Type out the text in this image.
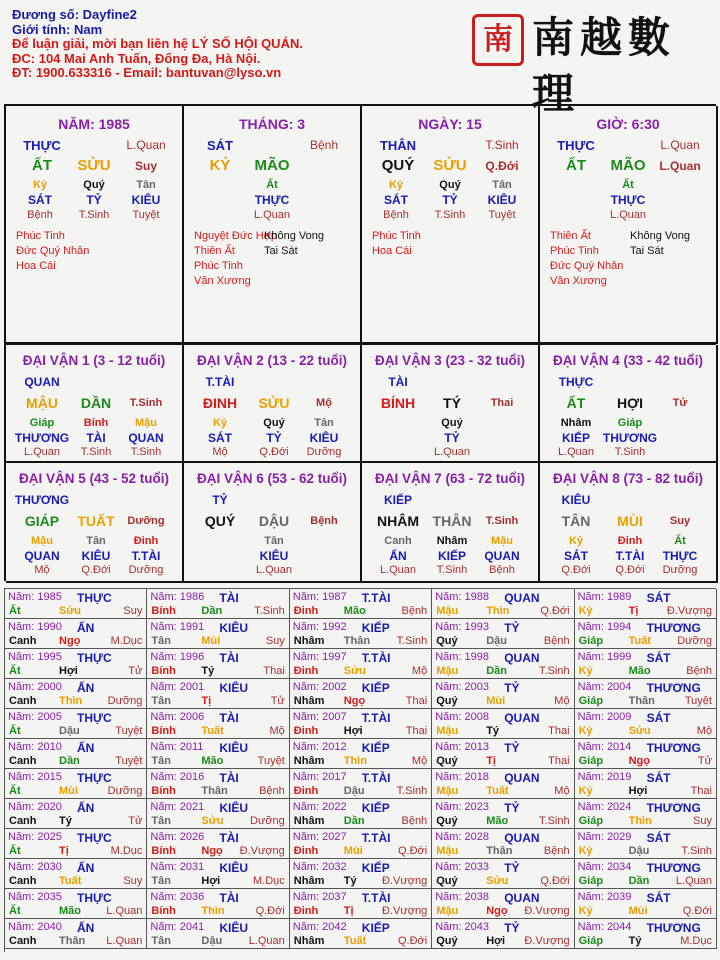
Đương số: Dayfine2
Giới tính: Nam
Để luận giải, mời bạn liên hệ LÝ SỐ HỘI QUÁN.
ĐC: 104 Mai Anh Tuấn, Đống Đa, Hà Nội.
ĐT: 1900.633316 - Email: bantuvan@lyso.vn
南 南越數理
NĂM: 1985
THỰC	L.Quan
ẤT SỬU Suy
Kỷ
SÁT
Bệnh
Quý
TỶ
T.Sinh
Tân
KIÊU
Tuyệt
Phúc Tinh
Đức Quý Nhân
Hoa Cái
THÁNG: 3
SÁT	Bệnh
KỶ MÃO
Ất
THỰC
L.Quan
Nguyệt Đức Hợp
Thiên Ất
Phúc Tinh
Văn Xương
Không Vong
Tai Sát
NGÀY: 15
THÂN	T.Sinh
QUÝ SỬU Q.Đới
Kỷ
SÁT
Bệnh
Quý
TỶ
T.Sinh
Tân
KIÊU
Tuyệt
Phúc Tinh
Hoa Cái
GIỜ: 6:30
THỰC	L.Quan
ẤT MÃO L.Quan
Ất
THỰC
L.Quan
Thiên Ất
Phúc Tinh
Đức Quý Nhân
Văn Xương
Không Vong
Tai Sát
ĐẠI VẬN 1 (3 - 12 tuổi)
QUAN
MẬU DẦN T.Sinh
Giáp
THƯƠNG
L.Quan
Bính
TÀI
T.Sinh
Mậu
QUAN
T.Sinh
ĐẠI VẬN 2 (13 - 22 tuổi)
T.TÀI
ĐINH SỬU Mộ
Kỷ
SÁT
Mộ
Quý
TỶ
Q.Đới
Tân
KIÊU
Dưỡng
ĐẠI VẬN 3 (23 - 32 tuổi)
TÀI
BÍNH TÝ	Thai
Quý
TỶ
L.Quan
ĐẠI VẬN 4 (33 - 42 tuổi)
THỰC
ẤT HỢI	Tử
Nhâm
KIẾP
L.Quan
Giáp
THƯƠNG
T.Sinh
ĐẠI VẬN 5 (43 - 52 tuổi)
THƯƠNG
GIÁP TUẤT Dưỡng
Mậu
QUAN
Mộ
Tân
KIÊU
Q.Đới
Đinh
T.TÀI
Dưỡng
ĐẠI VẬN 6 (53 - 62 tuổi)
TỶ
QUÝ DẬU Bệnh
Tân
KIÊU
L.Quan
ĐẠI VẬN 7 (63 - 72 tuổi)
KIẾP
NHÂM THÂN T.Sinh
Canh
ẤN
L.Quan
Nhâm
KIẾP
T.Sinh
Mậu
QUAN
Bệnh
ĐẠI VẬN 8 (73 - 82 tuổi)
KIÊU
TÂN MÙI Suy
Kỷ
SÁT
Q.Đới
Đinh
T.TÀI
Q.Đới
Ất
THỰC
Dưỡng
Năm: 1985 THỰC
Ất	Sửu	Suy
Năm: 1986 TÀI
Bính Dần	T.Sinh
Năm: 1987 T.TÀI
Đinh Mão	Bệnh
Năm: 1988 QUAN
Mậu	Thìn	Q.Đới
Năm: 1989 SÁT
Kỷ	Tị	Đ.Vượng
Năm: 1990 ẤN
Canh Ngọ	M.Dục
Năm: 1991 KIÊU
Tân	Mùi	Suy
Năm: 1992 KIẾP
Nhâm Thân T.Sinh
Năm: 1993 TỶ
Quý	Dậu	Bệnh
Năm: 1994 THƯƠNG
Giáp Tuất Dưỡng
Năm: 1995 THỰC
Ất	Hợi	Tử
Năm: 1996 TÀI
Bính Tý	Thai
Năm: 1997 T.TÀI
Đinh Sửu	Mộ
Năm: 1998 QUAN
Mậu	Dần	T.Sinh
Năm: 1999 SÁT
Kỷ	Mão	Bệnh
Năm: 2000 ẤN
Canh Thìn Dưỡng
Năm: 2001 KIÊU
Tân	Tị	Tử
Năm: 2002 KIẾP
Nhâm Ngọ	Thai
Năm: 2003 TỶ
Quý	Mùi	Mộ
Năm: 2004 THƯƠNG
Giáp Thân	Tuyệt
Năm: 2005 THỰC
Ất	Dậu	Tuyệt
Năm: 2006 TÀI
Bính Tuất	Mộ
Năm: 2007 T.TÀI
Đinh Hợi	Thai
Năm: 2008 QUAN
Mậu	Tý	Thai
Năm: 2009 SÁT
Kỷ	Sửu	Mộ
Năm: 2010 ẤN
Canh Dần	Tuyệt
Năm: 2011 KIÊU
Tân	Mão	Tuyệt
Năm: 2012 KIẾP
Nhâm Thìn	Mộ
Năm: 2013 TỶ
Quý	Tị	Thai
Năm: 2014 THƯƠNG
Giáp Ngọ	Tử
Năm: 2015 THỰC
Ất	Mùi	Dưỡng
Năm: 2016 TÀI
Bính Thân	Bệnh
Năm: 2017 T.TÀI
Đinh Dậu	T.Sinh
Năm: 2018 QUAN
Mậu	Tuất	Mộ
Năm: 2019 SÁT
Kỷ	Hợi	Thai
Năm: 2020 ẤN
Canh Tý	Tử
Năm: 2021 KIÊU
Tân	Sửu Dưỡng
Năm: 2022 KIẾP
Nhâm Dần	Bệnh
Năm: 2023 TỶ
Quý	Mão	T.Sinh
Năm: 2024 THƯƠNG
Giáp Thìn	Suy
Năm: 2025 THỰC
Ất	Tị	M.Dục
Năm: 2026 TÀI
Bính Ngọ Đ.Vượng
Năm: 2027 T.TÀI
Đinh Mùi	Q.Đới
Năm: 2028 QUAN
Mậu	Thân	Bệnh
Năm: 2029 SÁT
Kỷ	Dậu	T.Sinh
Năm: 2030 ẤN
Canh Tuất	Suy
Năm: 2031 KIÊU
Tân	Hợi	M.Dục
Năm: 2032 KIẾP
Nhâm Tý Đ.Vượng
Năm: 2033 TỶ
Quý	Sửu	Q.Đới
Năm: 2034 THƯƠNG
Giáp Dần L.Quan
Năm: 2035 THỰC
Ất	Mão L.Quan
Năm: 2036 TÀI
Bính Thìn	Q.Đới
Năm: 2037 T.TÀI
Đinh Tị	Đ.Vượng
Năm: 2038 QUAN
Mậu	Ngọ Đ.Vượng
Năm: 2039 SÁT
Kỷ	Mùi	Q.Đới
Năm: 2040 ẤN
Canh Thân L.Quan
Năm: 2041 KIÊU
Tân	Dậu L.Quan
Năm: 2042 KIẾP
Nhâm Tuất	Q.Đới
Năm: 2043 TỶ
Quý	Hợi Đ.Vượng
Năm: 2044 THƯƠNG
Giáp Tý	M.Dục
